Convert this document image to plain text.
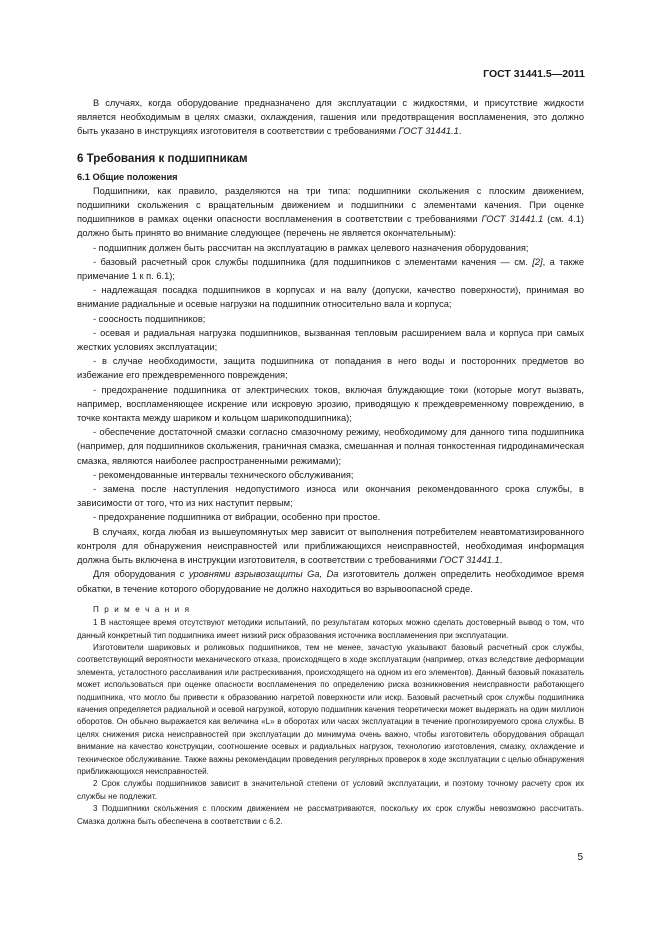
ГОСТ 31441.5—2011

В случаях, когда оборудование предназначено для эксплуатации с жидкостями, и присутствие жидкости является необходимым в целях смазки, охлаждения, гашения или предотвращения воспламенения, это должно быть указано в инструкциях изготовителя в соответствии с требованиями ГОСТ 31441.1.

6 Требования к подшипникам
6.1 Общие положения

Подшипники, как правило, разделяются на три типа: подшипники скольжения с плоским движением, подшипники скольжения с вращательным движением и подшипники с элементами качения. При оценке подшипников в рамках оценки опасности воспламенения в соответствии с требованиями ГОСТ 31441.1 (см. 4.1) должно быть принято во внимание следующее (перечень не является окончательным):

- подшипник должен быть рассчитан на эксплуатацию в рамках целевого назначения оборудования;

- базовый расчетный срок службы подшипника (для подшипников с элементами качения — см. [2], а также примечание 1 к п. 6.1);

- надлежащая посадка подшипников в корпусах и на валу (допуски, качество поверхности), принимая во внимание радиальные и осевые нагрузки на подшипник относительно вала и корпуса;

- соосность подшипников;

- осевая и радиальная нагрузка подшипников, вызванная тепловым расширением вала и корпуса при самых жестких условиях эксплуатации;

- в случае необходимости, защита подшипника от попадания в него воды и посторонних предметов во избежание его преждевременного повреждения;

- предохранение подшипника от электрических токов, включая блуждающие токи (которые могут вызвать, например, воспламеняющее искрение или искровую эрозию, приводящую к преждевременному повреждению, в точке контакта между шариком и кольцом шарикоподшипника);

- обеспечение достаточной смазки согласно смазочному режиму, необходимому для данного типа подшипника (например, для подшипников скольжения, граничная смазка, смешанная и полная тонкостенная гидродинамическая смазка, являются наиболее распространенными режимами);

- рекомендованные интервалы технического обслуживания;

- замена после наступления недопустимого износа или окончания рекомендованного срока службы, в зависимости от того, что из них наступит первым;

- предохранение подшипника от вибрации, особенно при простое.

В случаях, когда любая из вышеупомянутых мер зависит от выполнения потребителем неавтоматизированного контроля для обнаружения неисправностей или приближающихся неисправностей, необходимая информация должна быть включена в инструкции изготовителя, в соответствии с требованиями ГОСТ 31441.1.

Для оборудования с уровнями взрывозащиты Ga, Da изготовитель должен определить необходимое время обкатки, в течение которого оборудование не должно находиться во взрывоопасной среде.

П р и м е ч а н и я

1 В настоящее время отсутствуют методики испытаний, по результатам которых можно сделать достоверный вывод о том, что данный конкретный тип подшипника имеет низкий риск образования источника воспламенения при эксплуатации.

Изготовители шариковых и роликовых подшипников, тем не менее, зачастую указывают базовый расчетный срок службы, соответствующий вероятности механического отказа, происходящего в ходе эксплуатации (например, отказ вследствие деформации элемента, усталостного расслаивания или растрескивания, происходящего на одном из его элементов). Данный базовый показатель может использоваться при оценке опасности воспламенения по определению риска возникновения неисправности работающего подшипника, что могло бы привести к образованию нагретой поверхности или искр. Базовый расчетный срок службы подшипника качения определяется радиальной и осевой нагрузкой, которую подшипник качения теоретически может выдержать на один миллион оборотов. Он обычно выражается как величина «L» в оборотах или часах эксплуатации в течение прогнозируемого срока службы. В целях снижения риска неисправностей при эксплуатации до минимума очень важно, чтобы изготовитель оборудования обращал внимание на качество конструкции, соотношение осевых и радиальных нагрузок, технологию изготовления, смазку, охлаждение и техническое обслуживание. Также важны рекомендации проведения регулярных проверок в ходе эксплуатации с целью обнаружения приближающихся неисправностей.

2 Срок службы подшипников зависит в значительной степени от условий эксплуатации, и поэтому точному расчету срок их службы не подлежит.

3 Подшипники скольжения с плоским движением не рассматриваются, поскольку их срок службы невозможно рассчитать. Смазка должна быть обеспечена в соответствии с 6.2.

5
